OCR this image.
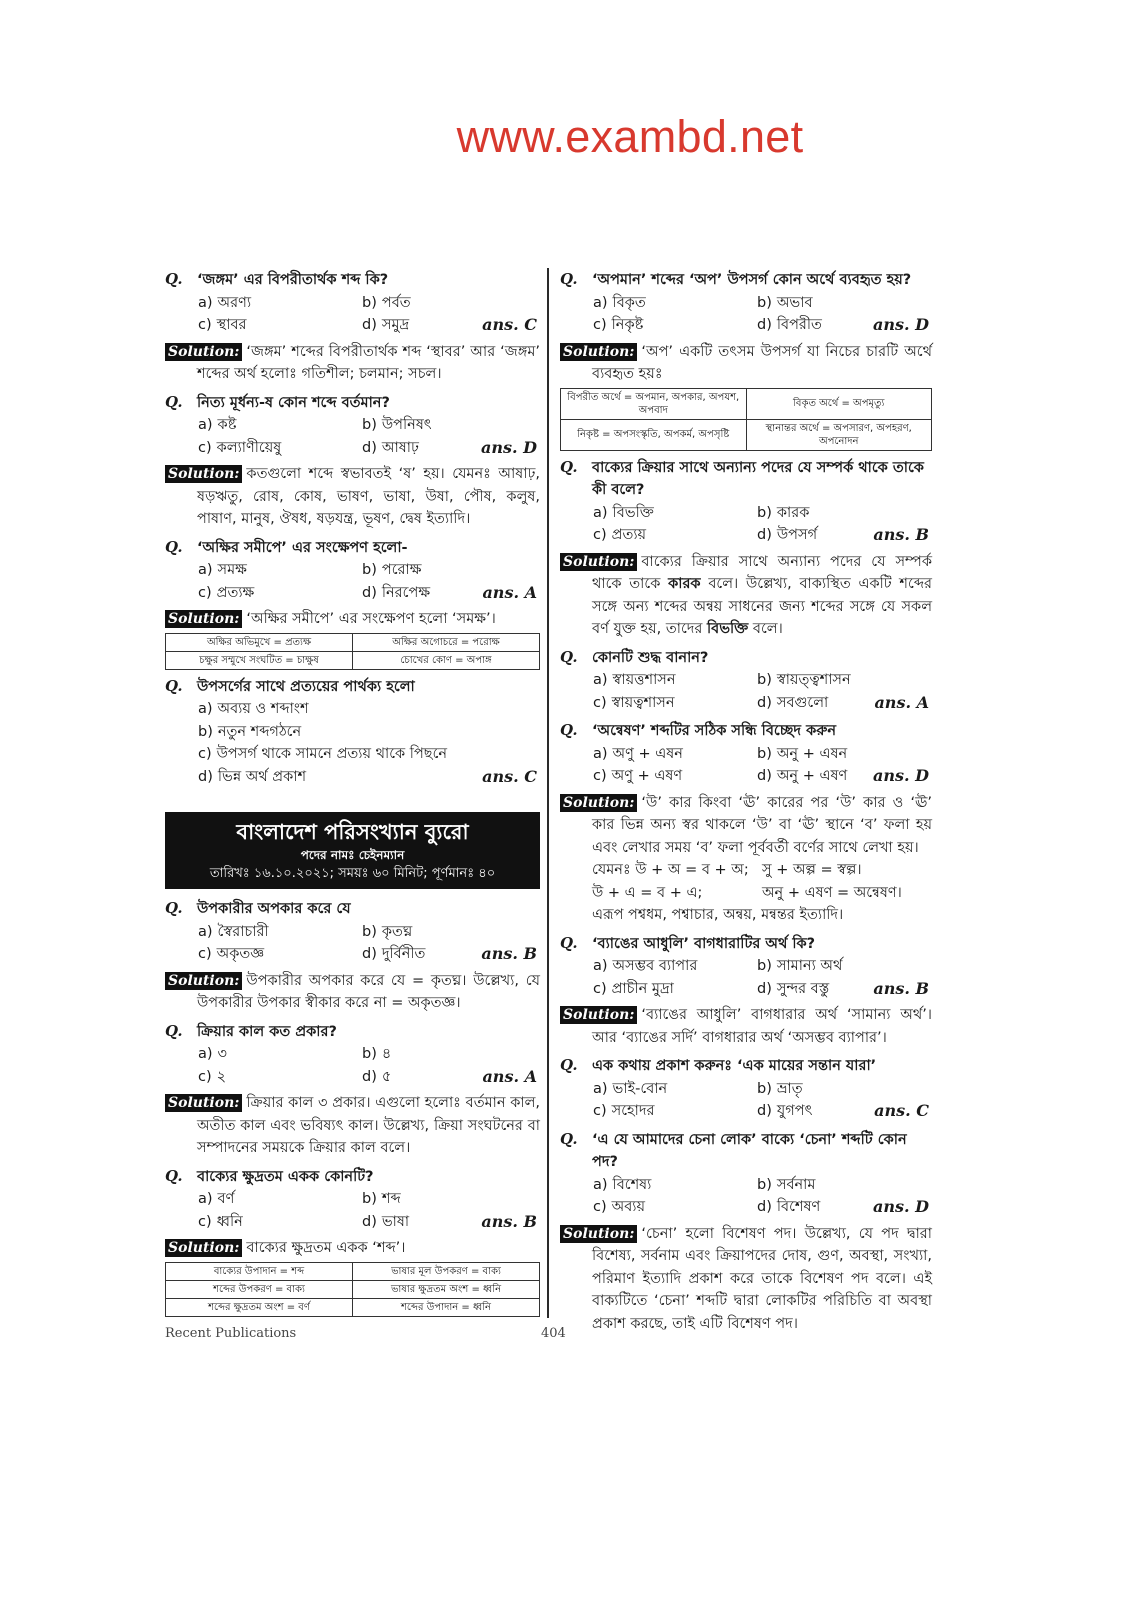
www.exambd.net
Q. ‘জঙ্গম’ এর বিপরীতার্থক শব্দ কি?
a) অরণ্য	b) পর্বত
c) স্থাবর	d) সমুদ্র	ans. C
Solution: ‘জঙ্গম’ শব্দের বিপরীতার্থক শব্দ ‘স্থাবর’ আর ‘জঙ্গম’ শব্দের অর্থ হলোঃ গতিশীল; চলমান; সচল।
Q. নিত্য মূর্ধন্য-ষ কোন শব্দে বর্তমান?
a) কষ্ট	b) উপনিষৎ
c) কল্যাণীয়েষু	d) আষাঢ়	ans. D
Solution: কতগুলো শব্দে স্বভাবতই ‘ষ’ হয়। যেমনঃ আষাঢ়, ষড়ঋতু, রোষ, কোষ, ভাষণ, ভাষা, উষা, পৌষ, কলুষ, পাষাণ, মানুষ, ঔষধ, ষড়যন্ত্র, ভূষণ, দ্বেষ ইত্যাদি।
Q. ‘অক্ষির সমীপে’ এর সংক্ষেপণ হলো-
a) সমক্ষ	b) পরোক্ষ
c) প্রত্যক্ষ	d) নিরপেক্ষ	ans. A
Solution: ‘অক্ষির সমীপে’ এর সংক্ষেপণ হলো ‘সমক্ষ’।
অক্ষির অভিমুখে = প্রত্যক্ষ	অক্ষির অগোচরে = পরোক্ষ
চক্ষুর সম্মুখে সংঘটিত = চাক্ষুষ	চোখের কোণ = অপাঙ্গ
Q. উপসর্গের সাথে প্রত্যয়ের পার্থক্য হলো
a) অব্যয় ও শব্দাংশ
b) নতুন শব্দগঠনে
c) উপসর্গ থাকে সামনে প্রত্যয় থাকে পিছনে
d) ভিন্ন অর্থ প্রকাশ	ans. C
বাংলাদেশ পরিসংখ্যান ব্যুরো
পদের নামঃ চেইনম্যান
তারিখঃ ১৬.১০.২০২১; সময়ঃ ৬০ মিনিট; পূর্ণমানঃ ৪০
Q. উপকারীর অপকার করে যে
a) স্বৈরাচারী	b) কৃতঘ্ন
c) অকৃতজ্ঞ	d) দুর্বিনীত	ans. B
Solution: উপকারীর অপকার করে যে = কৃতঘ্ন। উল্লেখ্য, যে উপকারীর উপকার স্বীকার করে না = অকৃতজ্ঞ।
Q. ক্রিয়ার কাল কত প্রকার?
a) ৩	b) ৪
c) ২	d) ৫	ans. A
Solution: ক্রিয়ার কাল ৩ প্রকার। এগুলো হলোঃ বর্তমান কাল, অতীত কাল এবং ভবিষ্যৎ কাল। উল্লেখ্য, ক্রিয়া সংঘটনের বা সম্পাদনের সময়কে ক্রিয়ার কাল বলে।
Q. বাক্যের ক্ষুদ্রতম একক কোনটি?
a) বর্ণ	b) শব্দ
c) ধ্বনি	d) ভাষা	ans. B
Solution: বাক্যের ক্ষুদ্রতম একক ‘শব্দ’।
বাক্যের উপাদান = শব্দ	ভাষার মূল উপকরণ = বাক্য
শব্দের উপকরণ = বাক্য	ভাষার ক্ষুদ্রতম অংশ = ধ্বনি
শব্দের ক্ষুদ্রতম অংশ = বর্ণ	শব্দের উপাদান = ধ্বনি
Q. ‘অপমান’ শব্দের ‘অপ’ উপসর্গ কোন অর্থে ব্যবহৃত হয়?
a) বিকৃত	b) অভাব
c) নিকৃষ্ট	d) বিপরীত	ans. D
Solution: ‘অপ’ একটি তৎসম উপসর্গ যা নিচের চারটি অর্থে ব্যবহৃত হয়ঃ
বিপরীত অর্থে = অপমান, অপকার, অপযশ, অপবাদ	বিকৃত অর্থে = অপমৃত্যু
নিকৃষ্ট = অপসংস্কৃতি, অপকর্ম, অপসৃষ্টি	স্থানান্তর অর্থে = অপসারণ, অপহরণ, অপনোদন
Q. বাক্যের ক্রিয়ার সাথে অন্যান্য পদের যে সম্পর্ক থাকে তাকে কী বলে?
a) বিভক্তি	b) কারক
c) প্রত্যয়	d) উপসর্গ	ans. B
Solution: বাক্যের ক্রিয়ার সাথে অন্যান্য পদের যে সম্পর্ক থাকে তাকে কারক বলে। উল্লেখ্য, বাক্যস্থিত একটি শব্দের সঙ্গে অন্য শব্দের অন্বয় সাধনের জন্য শব্দের সঙ্গে যে সকল বর্ণ যুক্ত হয়, তাদের বিভক্তি বলে।
Q. কোনটি শুদ্ধ বানান?
a) স্বায়ত্তশাসন	b) স্বায়ত্ত্বশাসন
c) স্বায়ত্বশাসন	d) সবগুলো	ans. A
Q. ‘অন্বেষণ’ শব্দটির সঠিক সন্ধি বিচ্ছেদ করুন
a) অণু + এষন	b) অনু + এষন
c) অণু + এষণ	d) অনু + এষণ	ans. D
Solution: ‘উ’ কার কিংবা ‘ঊ’ কারের পর ‘উ’ কার ও ‘ঊ’ কার ভিন্ন অন্য স্বর থাকলে ‘উ’ বা ‘ঊ’ স্থানে ‘ব’ ফলা হয় এবং লেখার সময় ‘ব’ ফলা পূর্ববর্তী বর্ণের সাথে লেখা হয়।
যেমনঃ উ + অ = ব + অ; সু + অল্প = স্বল্প।
উ + এ = ব + এ;	অনু + এষণ = অন্বেষণ।
এরূপ পশ্বধম, পশ্বাচার, অন্বয়, মন্বন্তর ইত্যাদি।
Q. ‘ব্যাঙের আধুলি’ বাগধারাটির অর্থ কি?
a) অসম্ভব ব্যাপার	b) সামান্য অর্থ
c) প্রাচীন মুদ্রা	d) সুন্দর বস্তু	ans. B
Solution: ‘ব্যাঙের আধুলি’ বাগধারার অর্থ ‘সামান্য অর্থ’। আর ‘ব্যাঙের সর্দি’ বাগধারার অর্থ ‘অসম্ভব ব্যাপার’।
Q. এক কথায় প্রকাশ করুনঃ ‘এক মায়ের সন্তান যারা’
a) ভাই-বোন	b) ভ্রাতৃ
c) সহোদর	d) যুগপৎ	ans. C
Q. ‘এ যে আমাদের চেনা লোক’ বাক্যে ‘চেনা’ শব্দটি কোন পদ?
a) বিশেষ্য	b) সর্বনাম
c) অব্যয়	d) বিশেষণ	ans. D
Solution: ‘চেনা’ হলো বিশেষণ পদ। উল্লেখ্য, যে পদ দ্বারা বিশেষ্য, সর্বনাম এবং ক্রিয়াপদের দোষ, গুণ, অবস্থা, সংখ্যা, পরিমাণ ইত্যাদি প্রকাশ করে তাকে বিশেষণ পদ বলে। এই বাক্যটিতে ‘চেনা’ শব্দটি দ্বারা লোকটির পরিচিতি বা অবস্থা প্রকাশ করছে, তাই এটি বিশেষণ পদ।
Recent Publications	404
